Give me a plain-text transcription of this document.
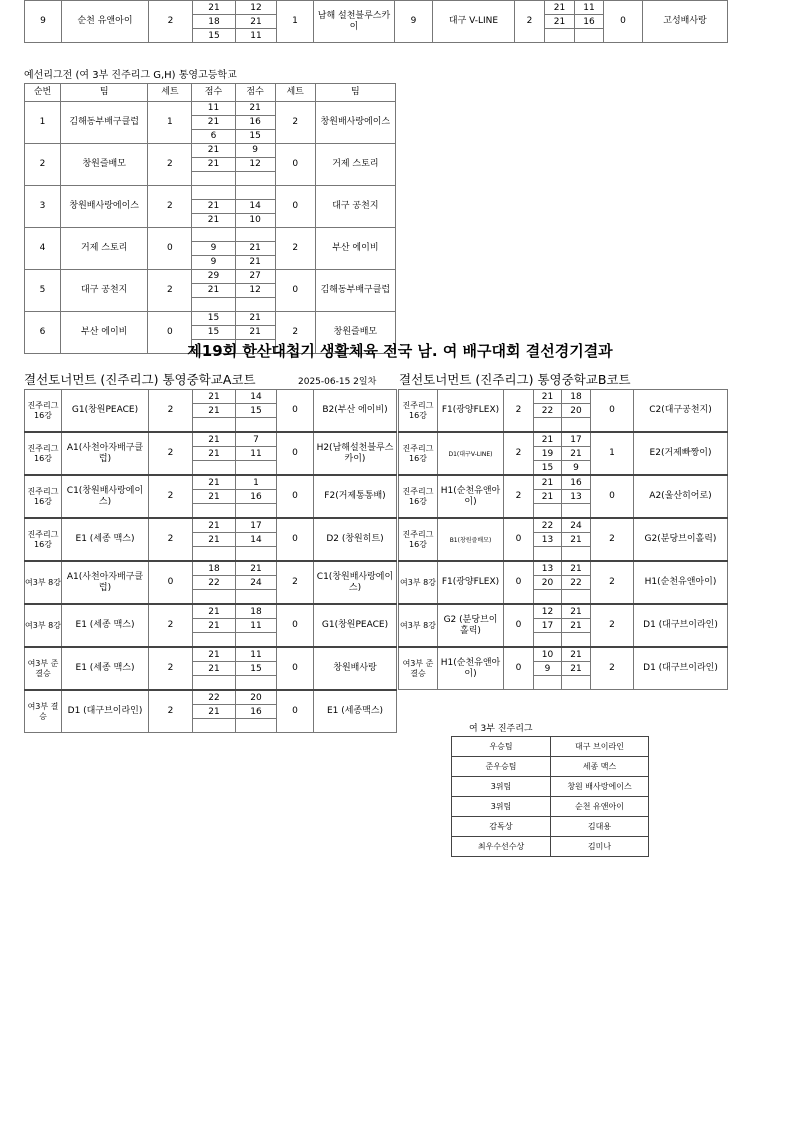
9	순천 유앤아이	2	21	12	1	남해 설천블루스카이	9	대구 V-LINE	2	21	11	0	고성배사랑
			18	21						21	16		
			15	11									
예선리그전 (여 3부 진주리그 G,H) 통영고등학교
순번	팀	세트	점수	점수	세트	팀
1	김해동부배구클럽	1	11	21	2	창원배사랑에이스
			21	16		
			6	15		
2	창원즐배모	2	21	9	0	거제 스토리
			21	12		

3	창원배사랑에이스	2			0	대구 공천지
			21	14		
			21	10		
4	거제 스토리	0			2	부산 에이비
			9	21		
			9	21		
5	대구 공천지	2	29	27	0	김해동부배구클럽
			21	12		

6	부산 에이비	0	15	21	2	창원즐배모
			15	21		

제19회 한산대첩기 생활체육 전국 남. 여 배구대회 결선경기결과
결선토너먼트 (진주리그) 통영중학교A코트	2025-06-15 2일차 결선토너먼트 (진주리그) 통영중학교B코트
진주리그 16강	G1(창원PEACE)	2	21	14	0	B2(부산 에이비)
			21	15		

진주리그 16강	A1(사천아자배구클럽)	2	21	7	0	H2(남해설천블루스카이)
			21	11		

진주리그 16강	C1(창원배사랑에이스)	2	21	1	0	F2(거제통통배)
			21	16		

진주리그 16강	E1 (세종 맥스)	2	21	17	0	D2 (창원히트)
			21	14		

여3부 8강	A1(사천아자배구클럽)	0	18	21	2	C1(창원배사랑에이스)
			22	24		

여3부 8강	E1 (세종 맥스)	2	21	18	0	G1(창원PEACE)
			21	11		

여3부 준결승	E1 (세종 맥스)	2	21	11	0	창원배사랑
			21	15		

여3부 결승	D1 (대구브이라인)	2	22	20	0	E1 (세종맥스)
			21	16		

진주리그 16강	F1(광양FLEX)	2	21	18	0	C2(대구공천지)
			22	20		

진주리그 16강	D1(대구V-LINE)	2	21	17	1	E2(거제빠짱이)
			19	21		
			15	9		
진주리그 16강	H1(순천유앤아이)	2	21	16	0	A2(울산히어로)
			21	13		

진주리그 16강	B1(창원즐배모)	0	22	24	2	G2(분당브이홀릭)
			13	21		

여3부 8강	F1(광양FLEX)	0	13	21	2	H1(순천유앤아이)
			20	22		

여3부 8강	G2 (분당브이홀릭)	0	12	21	2	D1 (대구브이라인)
			17	21		

여3부 준결승	H1(순천유앤아이)	0	10	21	2	D1 (대구브이라인)
			9	21		

여 3부 진주리그
우승팀	대구 브이라인
준우승팀	세종 맥스
3위팀	창원 배사랑에이스
3위팀	순천 유앤아이
감독상	김대용
최우수선수상	김미나
